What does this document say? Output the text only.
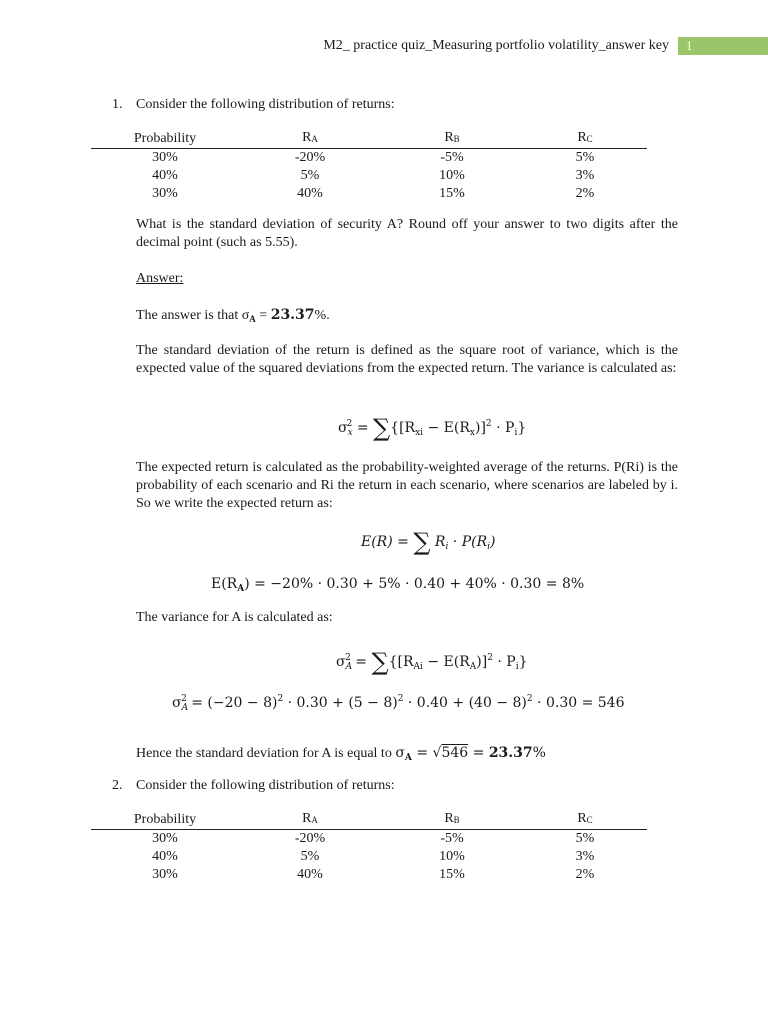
M2_ practice quiz_Measuring portfolio volatility_answer key	1
1. Consider the following distribution of returns:
Probability	RA	RB	RC
30%	-20%	-5%	5%
40%	5%	10%	3%
30%	40%	15%	2%
What is the standard deviation of security A? Round off your answer to two digits after the decimal point (such as 5.55).
Answer:
The answer is that $\sigma_A = 23.37\%$.
The standard deviation of the return is defined as the square root of variance, which is the expected value of the squared deviations from the expected return. The variance is calculated as:
$\sigma_x^2 = \sum\{[R_{xi} - E(R_x)]^2 \cdot P_i\}$
The expected return is calculated as the probability-weighted average of the returns. P(Ri) is the probability of each scenario and Ri the return in each scenario, where scenarios are labeled by i. So we write the expected return as:
E(R) = ∑ $R_i \cdot P(R_i)$
$E(R_A) = -20\% \cdot 0.30 + 5\% \cdot 0.40 + 40\% \cdot 0.30 = 8\%$
The variance for A is calculated as:
$\sigma_A^2 = \sum\{[R_{Ai} - E(R_A)]^2 \cdot P_i\}$
$\sigma_A^2 = (-20 - 8)^2 \cdot 0.30 + (5 - 8)^2 \cdot 0.40 + (40 - 8)^2 \cdot 0.30 = 546$
Hence the standard deviation for A is equal to $\sigma_A = √546 = 23.37\%$
2. Consider the following distribution of returns:
Probability	RA	RB	RC
30%	-20%	-5%	5%
40%	5%	10%	3%
30%	40%	15%	2%
